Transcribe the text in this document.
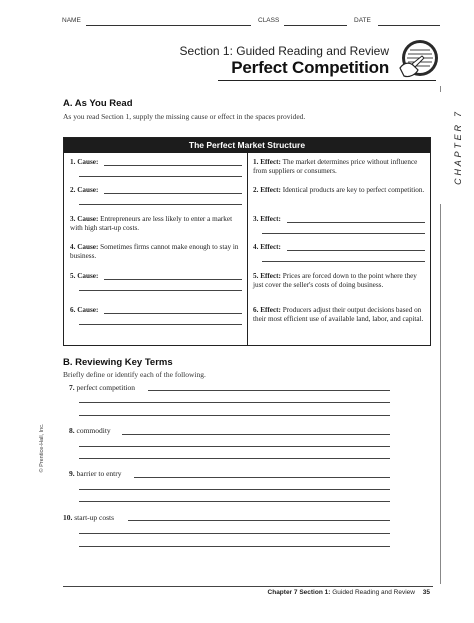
NAME	CLASS	DATE
Section 1: Guided Reading and Review
Perfect Competition
CHAPTER 7
A. As You Read
As you read Section 1, supply the missing cause or effect in the spaces provided.
The Perfect Market Structure
1. Cause:	1. Effect: The market determines price without influence from suppliers or consumers.
2. Cause:	2. Effect: Identical products are key to perfect competition.
3. Cause: Entrepreneurs are less likely to enter a market with high start-up costs.
3. Effect:
4. Cause: Sometimes firms cannot make enough to stay in business.
4. Effect:
5. Cause:	5. Effect: Prices are forced down to the point where they just cover the seller's costs of doing business.
6. Cause:	6. Effect: Producers adjust their output decisions based on their most efficient use of available land, labor, and capital.
B. Reviewing Key Terms
Briefly define or identify each of the following.
7. perfect competition
8. commodity
9. barrier to entry
10. start-up costs
© Prentice-Hall, Inc.
Chapter 7 Section 1: Guided Reading and Review 35
